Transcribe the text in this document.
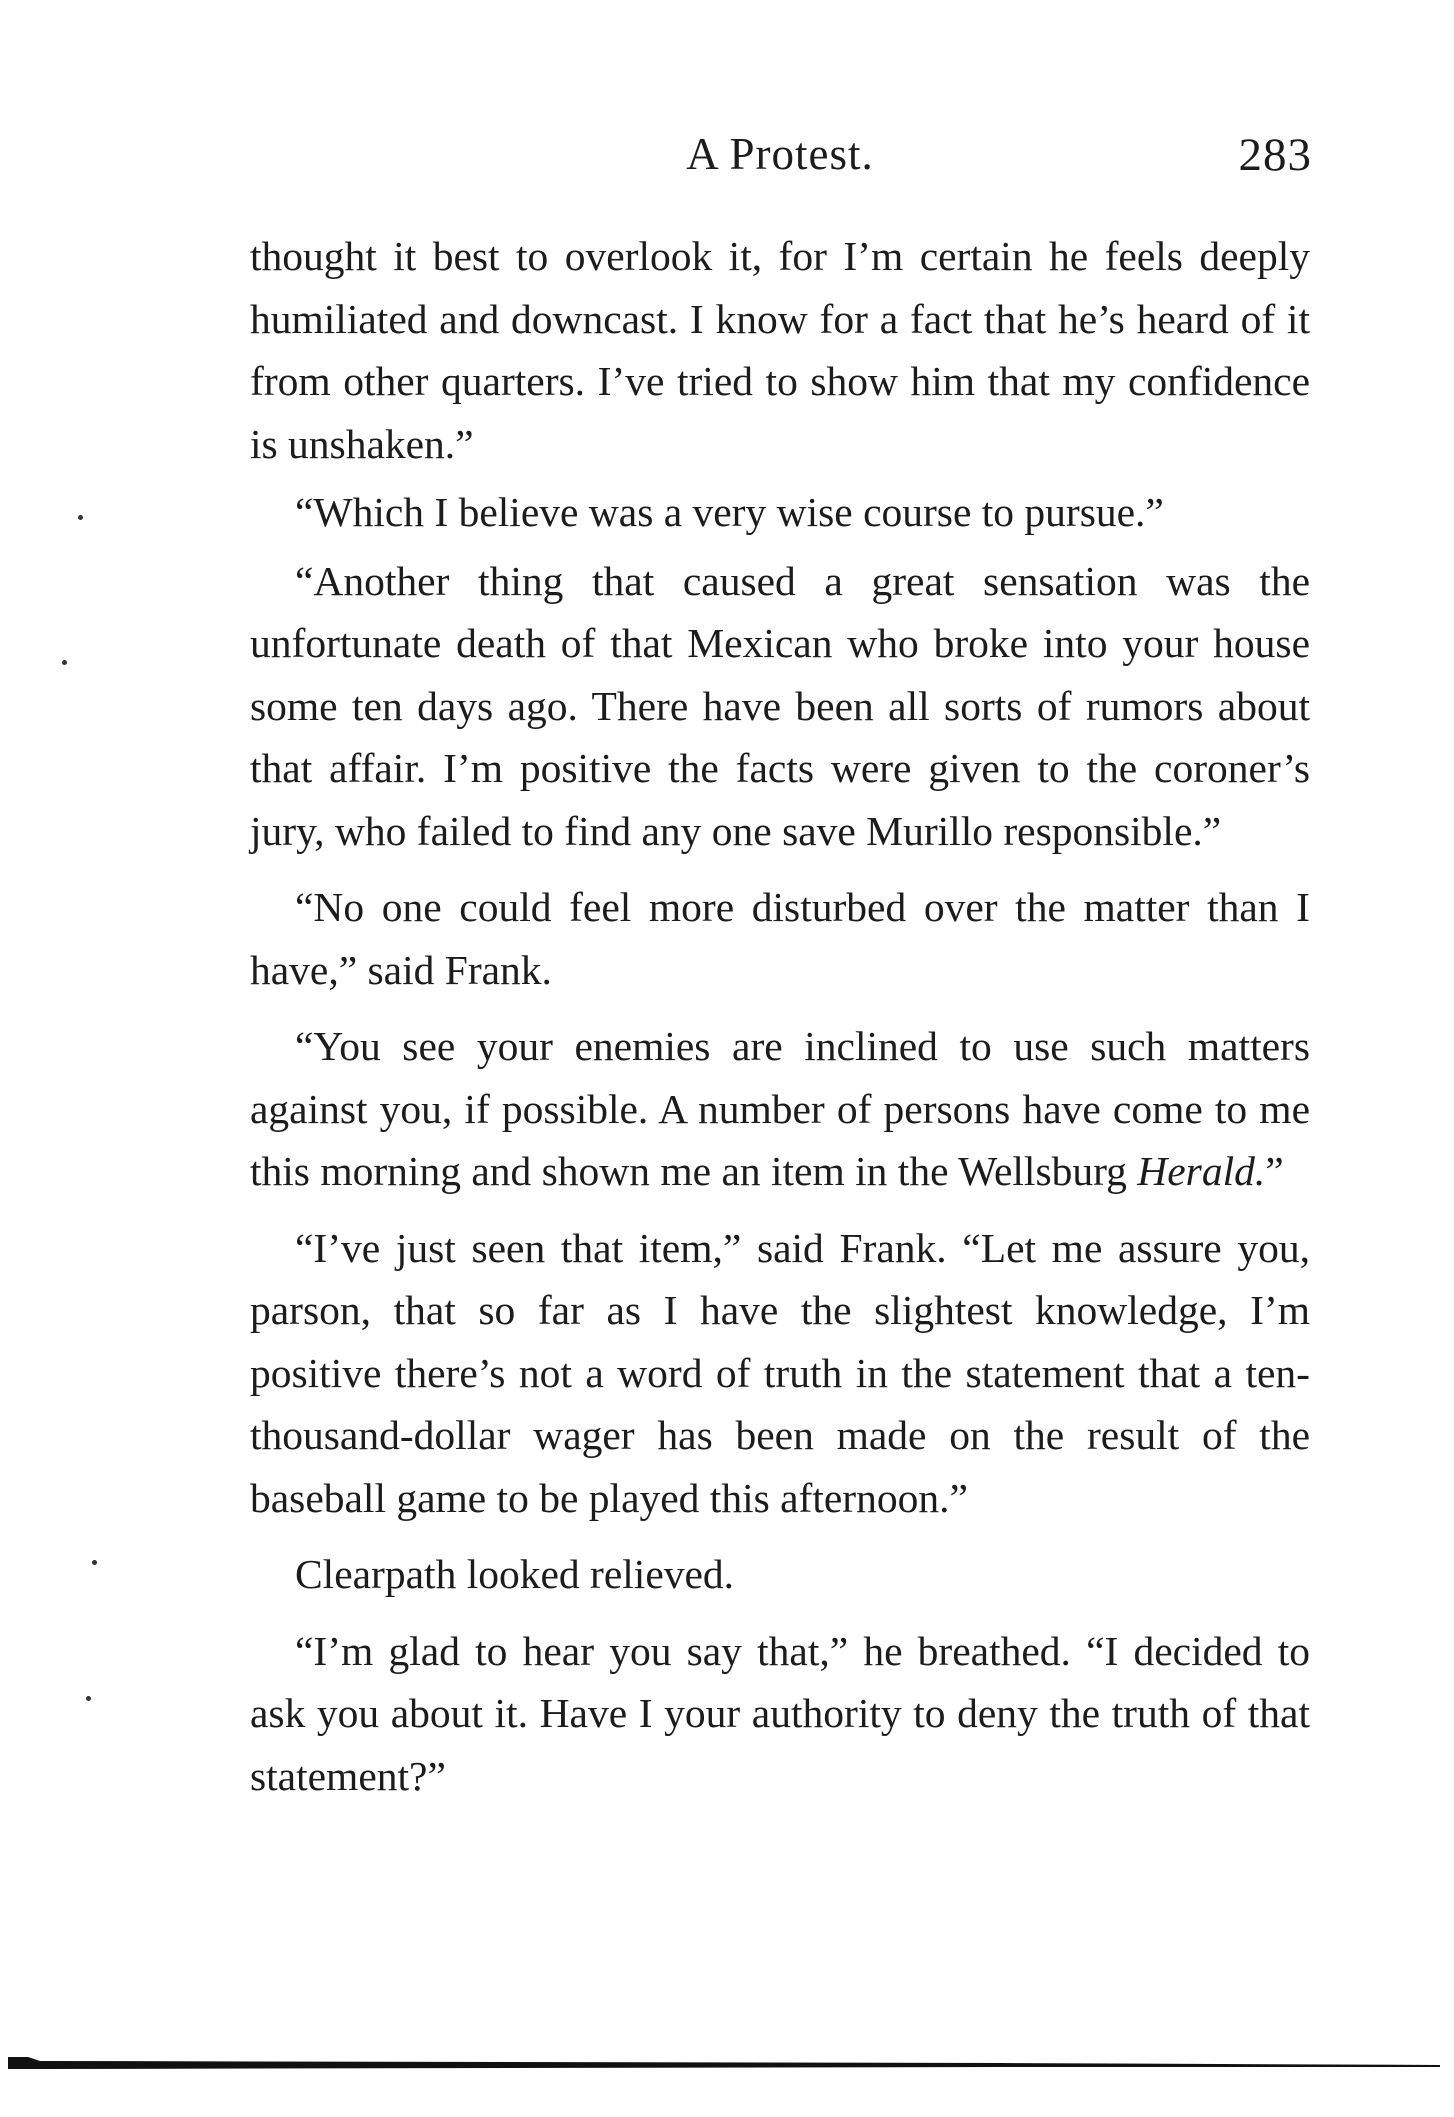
A Protest.	283

thought it best to overlook it, for I’m certain he feels deeply humiliated and downcast. I know for a fact that he’s heard of it from other quarters. I’ve tried to show him that my confidence is unshaken.”

“Which I believe was a very wise course to pursue.”

“Another thing that caused a great sensation was the unfortunate death of that Mexican who broke into your house some ten days ago. There have been all sorts of rumors about that affair. I’m positive the facts were given to the coroner’s jury, who failed to find any one save Murillo responsible.”

“No one could feel more disturbed over the matter than I have,” said Frank.

“You see your enemies are inclined to use such matters against you, if possible. A number of persons have come to me this morning and shown me an item in the Wellsburg Herald.”

“I’ve just seen that item,” said Frank. “Let me assure you, parson, that so far as I have the slightest knowledge, I’m positive there’s not a word of truth in the statement that a ten-thousand-dollar wager has been made on the result of the baseball game to be played this afternoon.”

Clearpath looked relieved.

“I’m glad to hear you say that,” he breathed. “I decided to ask you about it. Have I your authority to deny the truth of that statement?”
